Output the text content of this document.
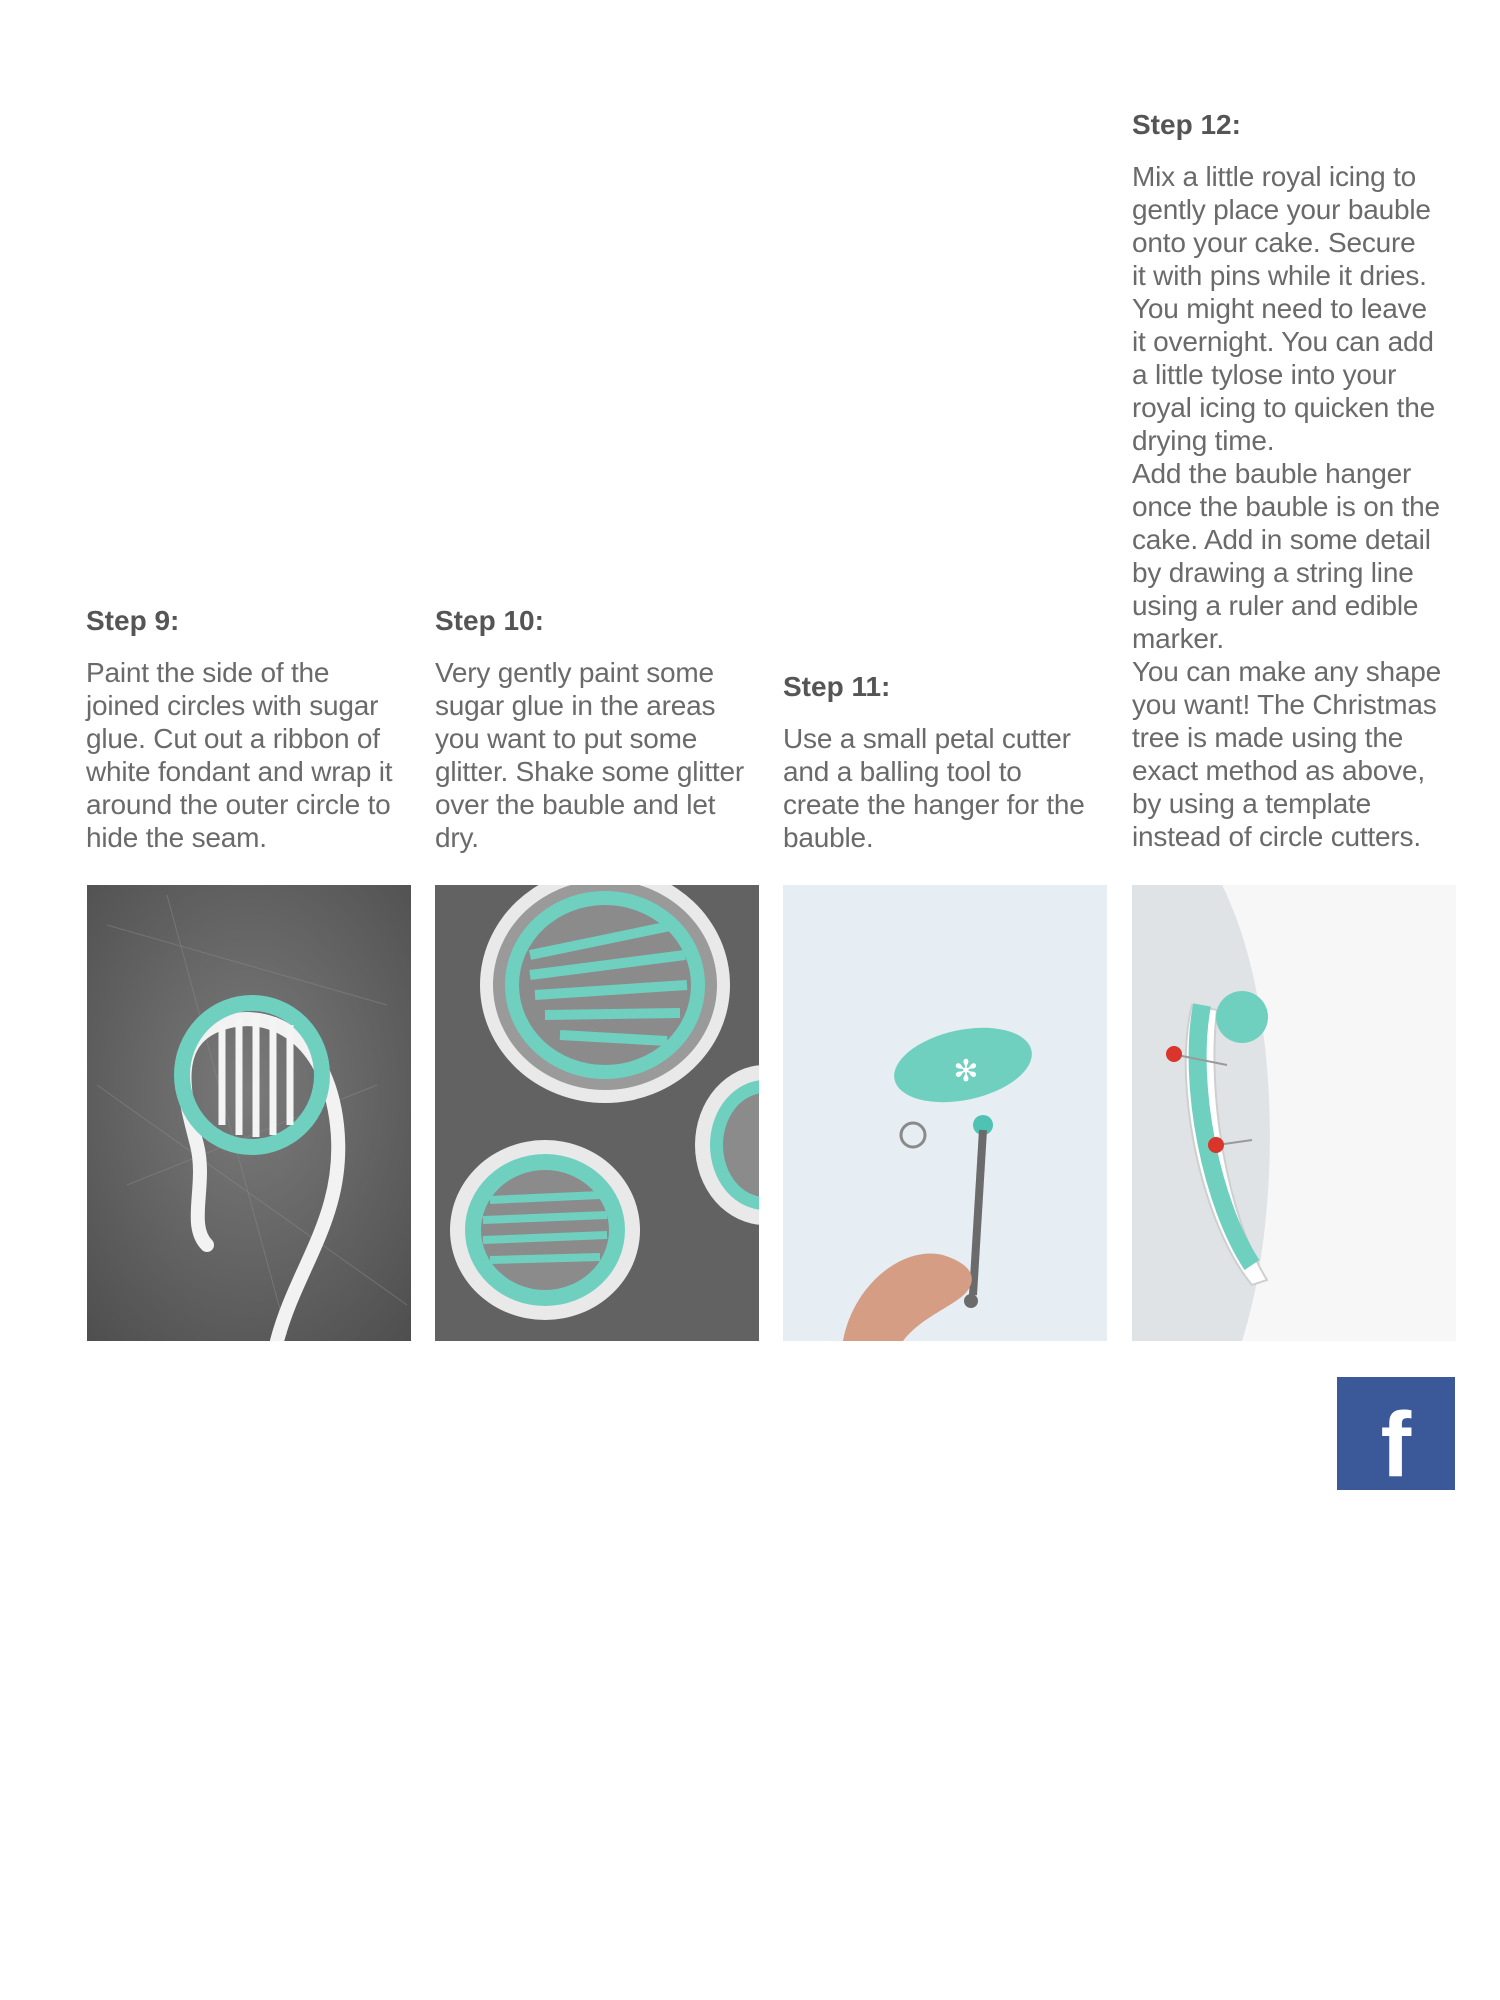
Step 9:

Paint the side of the
joined circles with sugar
glue. Cut out a ribbon of
white fondant and wrap it
around the outer circle to
hide the seam.

Step 10:

Very gently paint some
sugar glue in the areas
you want to put some
glitter. Shake some glitter
over the bauble and let
dry.

Step 11:

Use a small petal cutter
and a balling tool to
create the hanger for the
bauble.

Step 12:

Mix a little royal icing to
gently place your bauble
onto your cake. Secure
it with pins while it dries.
You might need to leave
it overnight. You can add
a little tylose into your
royal icing to quicken the
drying time.
Add the bauble hanger
once the bauble is on the
cake. Add in some detail
by drawing a string line
using a ruler and edible
marker.
You can make any shape
you want! The Christmas
tree is made using the
exact method as above,
by using a template
instead of circle cutters.

✻
f
